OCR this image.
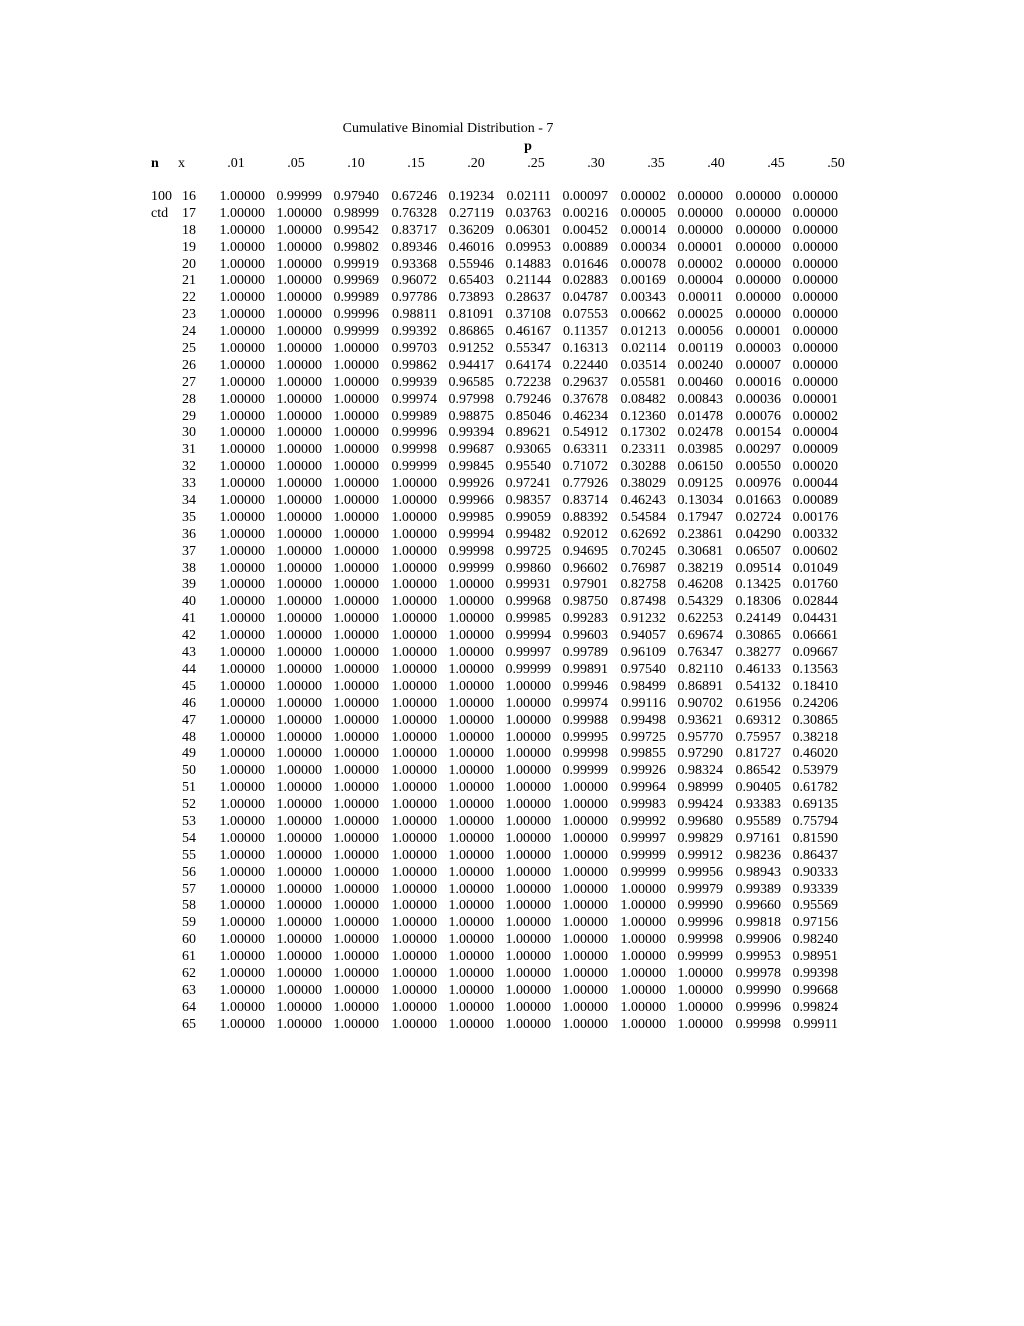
Cumulative Binomial Distribution - 7
p
n x	.01	.05	.10	.15	.20	.25	.30	.35	.40	.45	.50
100 16	1.00000 0.99999 0.97940 0.67246 0.19234 0.02111 0.00097 0.00002 0.00000 0.00000 0.00000
ctd 17	1.00000 1.00000 0.98999 0.76328 0.27119 0.03763 0.00216 0.00005 0.00000 0.00000 0.00000
18	1.00000 1.00000 0.99542 0.83717 0.36209 0.06301 0.00452 0.00014 0.00000 0.00000 0.00000
19	1.00000 1.00000 0.99802 0.89346 0.46016 0.09953 0.00889 0.00034 0.00001 0.00000 0.00000
20	1.00000 1.00000 0.99919 0.93368 0.55946 0.14883 0.01646 0.00078 0.00002 0.00000 0.00000
21	1.00000 1.00000 0.99969 0.96072 0.65403 0.21144 0.02883 0.00169 0.00004 0.00000 0.00000
22	1.00000 1.00000 0.99989 0.97786 0.73893 0.28637 0.04787 0.00343 0.00011 0.00000 0.00000
23	1.00000 1.00000 0.99996 0.98811 0.81091 0.37108 0.07553 0.00662 0.00025 0.00000 0.00000
24	1.00000 1.00000 0.99999 0.99392 0.86865 0.46167 0.11357 0.01213 0.00056 0.00001 0.00000
25	1.00000 1.00000 1.00000 0.99703 0.91252 0.55347 0.16313 0.02114 0.00119 0.00003 0.00000
26	1.00000 1.00000 1.00000 0.99862 0.94417 0.64174 0.22440 0.03514 0.00240 0.00007 0.00000
27	1.00000 1.00000 1.00000 0.99939 0.96585 0.72238 0.29637 0.05581 0.00460 0.00016 0.00000
28	1.00000 1.00000 1.00000 0.99974 0.97998 0.79246 0.37678 0.08482 0.00843 0.00036 0.00001
29	1.00000 1.00000 1.00000 0.99989 0.98875 0.85046 0.46234 0.12360 0.01478 0.00076 0.00002
30	1.00000 1.00000 1.00000 0.99996 0.99394 0.89621 0.54912 0.17302 0.02478 0.00154 0.00004
31	1.00000 1.00000 1.00000 0.99998 0.99687 0.93065 0.63311 0.23311 0.03985 0.00297 0.00009
32	1.00000 1.00000 1.00000 0.99999 0.99845 0.95540 0.71072 0.30288 0.06150 0.00550 0.00020
33	1.00000 1.00000 1.00000 1.00000 0.99926 0.97241 0.77926 0.38029 0.09125 0.00976 0.00044
34	1.00000 1.00000 1.00000 1.00000 0.99966 0.98357 0.83714 0.46243 0.13034 0.01663 0.00089
35	1.00000 1.00000 1.00000 1.00000 0.99985 0.99059 0.88392 0.54584 0.17947 0.02724 0.00176
36	1.00000 1.00000 1.00000 1.00000 0.99994 0.99482 0.92012 0.62692 0.23861 0.04290 0.00332
37	1.00000 1.00000 1.00000 1.00000 0.99998 0.99725 0.94695 0.70245 0.30681 0.06507 0.00602
38	1.00000 1.00000 1.00000 1.00000 0.99999 0.99860 0.96602 0.76987 0.38219 0.09514 0.01049
39	1.00000 1.00000 1.00000 1.00000 1.00000 0.99931 0.97901 0.82758 0.46208 0.13425 0.01760
40	1.00000 1.00000 1.00000 1.00000 1.00000 0.99968 0.98750 0.87498 0.54329 0.18306 0.02844
41	1.00000 1.00000 1.00000 1.00000 1.00000 0.99985 0.99283 0.91232 0.62253 0.24149 0.04431
42	1.00000 1.00000 1.00000 1.00000 1.00000 0.99994 0.99603 0.94057 0.69674 0.30865 0.06661
43	1.00000 1.00000 1.00000 1.00000 1.00000 0.99997 0.99789 0.96109 0.76347 0.38277 0.09667
44	1.00000 1.00000 1.00000 1.00000 1.00000 0.99999 0.99891 0.97540 0.82110 0.46133 0.13563
45	1.00000 1.00000 1.00000 1.00000 1.00000 1.00000 0.99946 0.98499 0.86891 0.54132 0.18410
46	1.00000 1.00000 1.00000 1.00000 1.00000 1.00000 0.99974 0.99116 0.90702 0.61956 0.24206
47	1.00000 1.00000 1.00000 1.00000 1.00000 1.00000 0.99988 0.99498 0.93621 0.69312 0.30865
48	1.00000 1.00000 1.00000 1.00000 1.00000 1.00000 0.99995 0.99725 0.95770 0.75957 0.38218
49	1.00000 1.00000 1.00000 1.00000 1.00000 1.00000 0.99998 0.99855 0.97290 0.81727 0.46020
50	1.00000 1.00000 1.00000 1.00000 1.00000 1.00000 0.99999 0.99926 0.98324 0.86542 0.53979
51	1.00000 1.00000 1.00000 1.00000 1.00000 1.00000 1.00000 0.99964 0.98999 0.90405 0.61782
52	1.00000 1.00000 1.00000 1.00000 1.00000 1.00000 1.00000 0.99983 0.99424 0.93383 0.69135
53	1.00000 1.00000 1.00000 1.00000 1.00000 1.00000 1.00000 0.99992 0.99680 0.95589 0.75794
54	1.00000 1.00000 1.00000 1.00000 1.00000 1.00000 1.00000 0.99997 0.99829 0.97161 0.81590
55	1.00000 1.00000 1.00000 1.00000 1.00000 1.00000 1.00000 0.99999 0.99912 0.98236 0.86437
56	1.00000 1.00000 1.00000 1.00000 1.00000 1.00000 1.00000 0.99999 0.99956 0.98943 0.90333
57	1.00000 1.00000 1.00000 1.00000 1.00000 1.00000 1.00000 1.00000 0.99979 0.99389 0.93339
58	1.00000 1.00000 1.00000 1.00000 1.00000 1.00000 1.00000 1.00000 0.99990 0.99660 0.95569
59	1.00000 1.00000 1.00000 1.00000 1.00000 1.00000 1.00000 1.00000 0.99996 0.99818 0.97156
60	1.00000 1.00000 1.00000 1.00000 1.00000 1.00000 1.00000 1.00000 0.99998 0.99906 0.98240
61	1.00000 1.00000 1.00000 1.00000 1.00000 1.00000 1.00000 1.00000 0.99999 0.99953 0.98951
62	1.00000 1.00000 1.00000 1.00000 1.00000 1.00000 1.00000 1.00000 1.00000 0.99978 0.99398
63	1.00000 1.00000 1.00000 1.00000 1.00000 1.00000 1.00000 1.00000 1.00000 0.99990 0.99668
64	1.00000 1.00000 1.00000 1.00000 1.00000 1.00000 1.00000 1.00000 1.00000 0.99996 0.99824
65	1.00000 1.00000 1.00000 1.00000 1.00000 1.00000 1.00000 1.00000 1.00000 0.99998 0.99911
